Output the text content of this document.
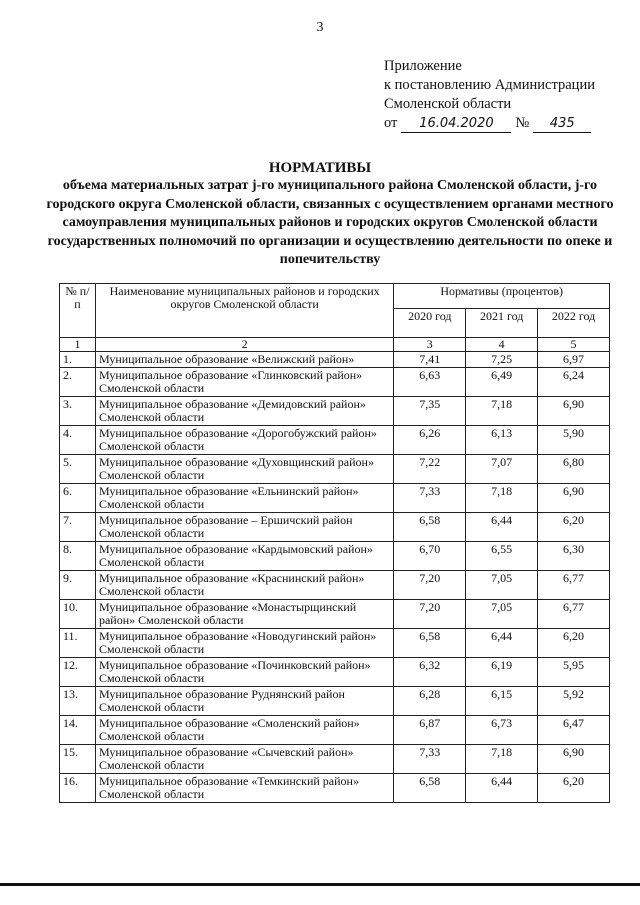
3
Приложение
к постановлению Администрации
Смоленской области
от	16.04.2020	№	435
НОРМАТИВЫ
объема материальных затрат j-го муниципального района Смоленской области, j-го городского округа Смоленской области, связанных с осуществлением органами местного самоуправления муниципальных районов и городских округов Смоленской области государственных полномочий по организации и осуществлению деятельности по опеке и попечительству
№ п/п	Наименование муниципальных районов и городских округов Смоленской области	Нормативы (процентов)		
		2020 год	2021 год	2022 год
1	2	3	4	5
1.	Муниципальное образование «Велижский район»	7,41	7,25	6,97
2.	Муниципальное образование «Глинковский район» Смоленской области	6,63	6,49	6,24
3.	Муниципальное образование «Демидовский район» Смоленской области	7,35	7,18	6,90
4.	Муниципальное образование «Дорогобужский район» Смоленской области	6,26	6,13	5,90
5.	Муниципальное образование «Духовщинский район» Смоленской области	7,22	7,07	6,80
6.	Муниципальное образование «Ельнинский район» Смоленской области	7,33	7,18	6,90
7.	Муниципальное образование – Ершичский район Смоленской области	6,58	6,44	6,20
8.	Муниципальное образование «Кардымовский район» Смоленской области	6,70	6,55	6,30
9.	Муниципальное образование «Краснинский район» Смоленской области	7,20	7,05	6,77
10.	Муниципальное образование «Монастырщинский район» Смоленской области	7,20	7,05	6,77
11.	Муниципальное образование «Новодугинский район» Смоленской области	6,58	6,44	6,20
12.	Муниципальное образование «Починковский район» Смоленской области	6,32	6,19	5,95
13.	Муниципальное образование Руднянский район Смоленской области	6,28	6,15	5,92
14.	Муниципальное образование «Смоленский район» Смоленской области	6,87	6,73	6,47
15.	Муниципальное образование «Сычевский район» Смоленской области	7,33	7,18	6,90
16.	Муниципальное образование «Темкинский район» Смоленской области	6,58	6,44	6,20
